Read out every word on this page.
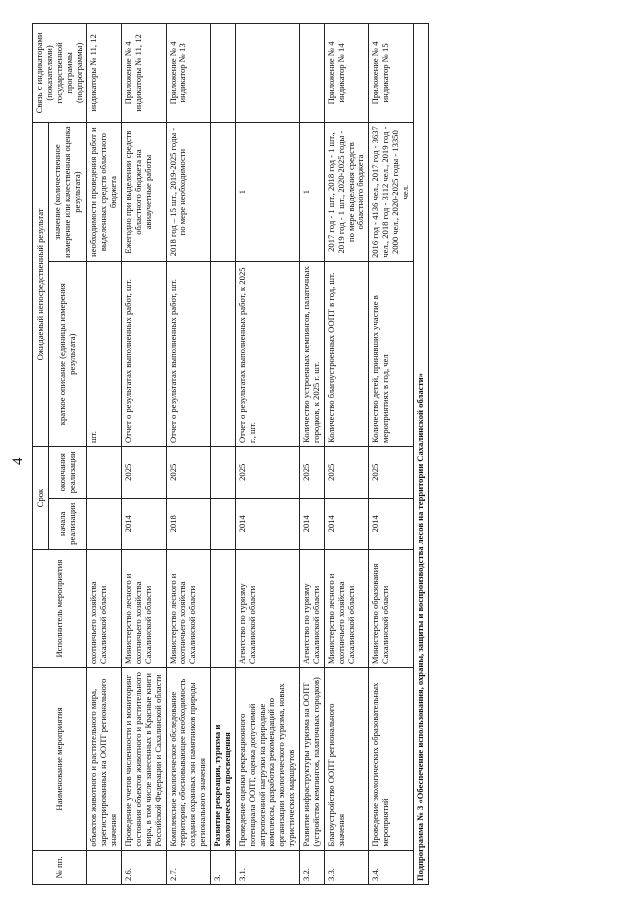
4
№ пп.	Наименование мероприятия	Исполнитель мероприятия	Срок		Ожидаемый непосредственный результат		Связь с индикаторами (показателями) государственной программы (подпрограммы)
			начала реализации	окончания реализации	краткое описание (единицы измерения результата)	значение (количественное измерение или качественная оценка результата)	
	объектов животного и растительного мира, зарегистрированных на ООПТ регионального значения	охотничьего хозяйства Сахалинской области			шт.	необходимости проведения работ и выделенных средств областного бюджета	индикаторы № 11, 12
2.6.	Проведение учетов численности и мониторинг состояния объектов животного и растительного мира, в том числе занесенных в Красные книги Российской Федерации и Сахалинской области	Министерство лесного и охотничьего хозяйства Сахалинской области	2014	2025	Отчет о результатах выполненных работ, шт.	Ежегодно при выделении средств областного бюджета на авиаучетные работы	Приложение № 4 индикаторы № 11, 12
2.7.	Комплексное экологическое обследование территории, обосновывающее необходимость создания охранных зон памятников природы регионального значения	Министерство лесного и охотничьего хозяйства Сахалинской области	2018	2025	Отчет о результатах выполненных работ, шт.	2018 год – 15 шт., 2019-2025 годы - по мере необходимости	Приложение № 4 индикатор № 13
3.	Развитие рекреации, туризма и экологического просвещения						
3.1.	Проведение оценки рекреационного потенциала ООПТ, оценка допустимой антропогенной нагрузки на природные комплексы, разработка рекомендаций по организации экологического туризма, новых туристических маршрутов	Агентство по туризму Сахалинской области	2014	2025	Отчет о результатах выполненных работ, к 2025 г., шт.	1	
3.2.	Развитие инфраструктуры туризма на ООПТ (устройство кемпингов, палаточных городков)	Агентство по туризму Сахалинской области	2014	2025	Количество устроенных кемпингов, палаточных городков, к 2025 г. шт.	1	
3.3.	Благоустройство ООПТ регионального значения	Министерство лесного и охотничьего хозяйства Сахалинской области	2014	2025	Количество благоустроенных ООПТ в год, шт.	2017 год - 1 шт., 2018 год - 1 шт., 2019 год - 1 шт., 2020-2025 годы - по мере выделения средств областного бюджета	Приложение № 4 индикатор № 14
3.4.	Проведение экологических образовательных мероприятий	Министерство образования Сахалинской области	2014	2025	Количество детей, принявших участие в мероприятиях в год, чел	2016 год - 4136 чел., 2017 год - 3637 чел., 2018 год - 3112 чел., 2019 год - 2000 чел., 2020-2025 годы - 13350 чел.	Приложение № 4 индикатор № 15
Подпрограмма № 3 «Обеспечение использования, охраны, защиты и воспроизводства лесов на территории Сахалинской области»							
